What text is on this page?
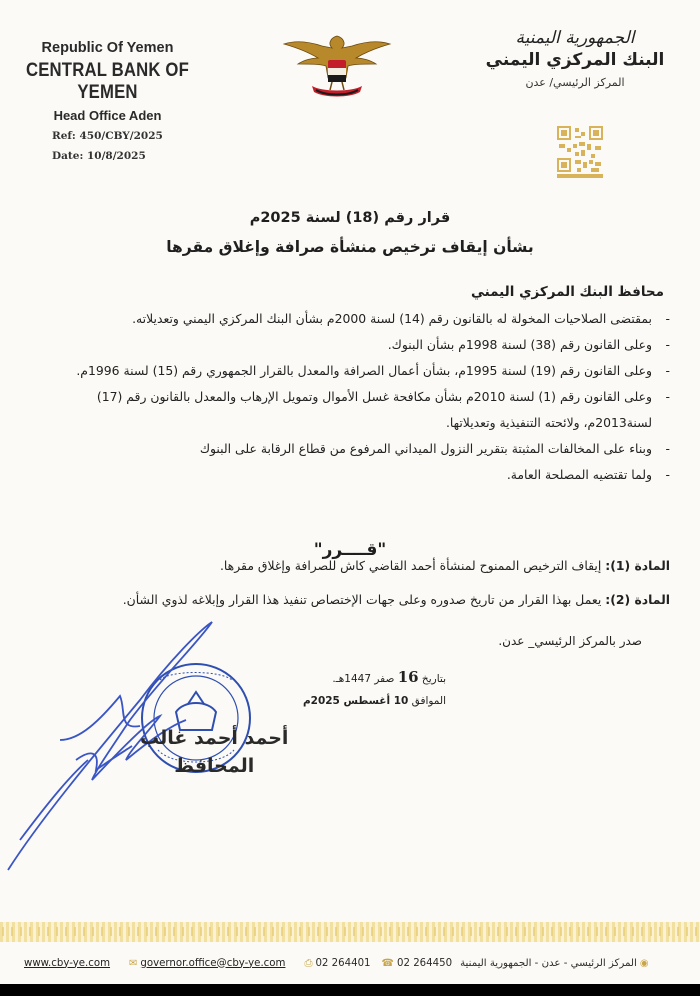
Republic Of Yemen
CENTRAL BANK OF YEMEN
Head Office Aden
Ref: 450/CBY/2025
Date: 10/8/2025
الجمهورية اليمنية
البنك المركزي اليمني
المركز الرئيسي/ عدن
قرار رقم (18) لسنة 2025م
بشأن إيقاف ترخيص منشأة صرافة وإغلاق مقرها
محافظ البنك المركزي اليمني
- بمقتضى الصلاحيات المخولة له بالقانون رقم (14) لسنة 2000م بشأن البنك المركزي اليمني وتعديلاته.
- وعلى القانون رقم (38) لسنة 1998م بشأن البنوك.
- وعلى القانون رقم (19) لسنة 1995م، بشأن أعمال الصرافة والمعدل بالقرار الجمهوري رقم (15) لسنة 1996م.
- وعلى القانون رقم (1) لسنة 2010م بشأن مكافحة غسل الأموال وتمويل الإرهاب والمعدل بالقانون رقم (17) لسنة2013م، ولائحته التنفيذية وتعديلاتها.
- وبناء على المخالفات المثبتة بتقرير النزول الميداني المرفوع من قطاع الرقابة على البنوك
- ولما تقتضيه المصلحة العامة.
"قــــرر"
المادة (1): إيقاف الترخيص الممنوح لمنشأة أحمد القاضي كاش للصرافة وإغلاق مقرها.
المادة (2): يعمل بهذا القرار من تاريخ صدوره وعلى جهات الإختصاص تنفيذ هذا القرار وإبلاغه لذوي الشأن.
صدر بالمركز الرئيسي_ عدن.
بتاريخ 16 صفر 1447هـ.
الموافق 10 أغسطس 2025م
أحمد أحمد غالب
المحافظ
www.cby-ye.com ✉ governor.office@cby-ye.com ⎙ 02 264401 ☎ 02 264450 المركز الرئيسي - عدن - الجمهورية اليمنية ◉
